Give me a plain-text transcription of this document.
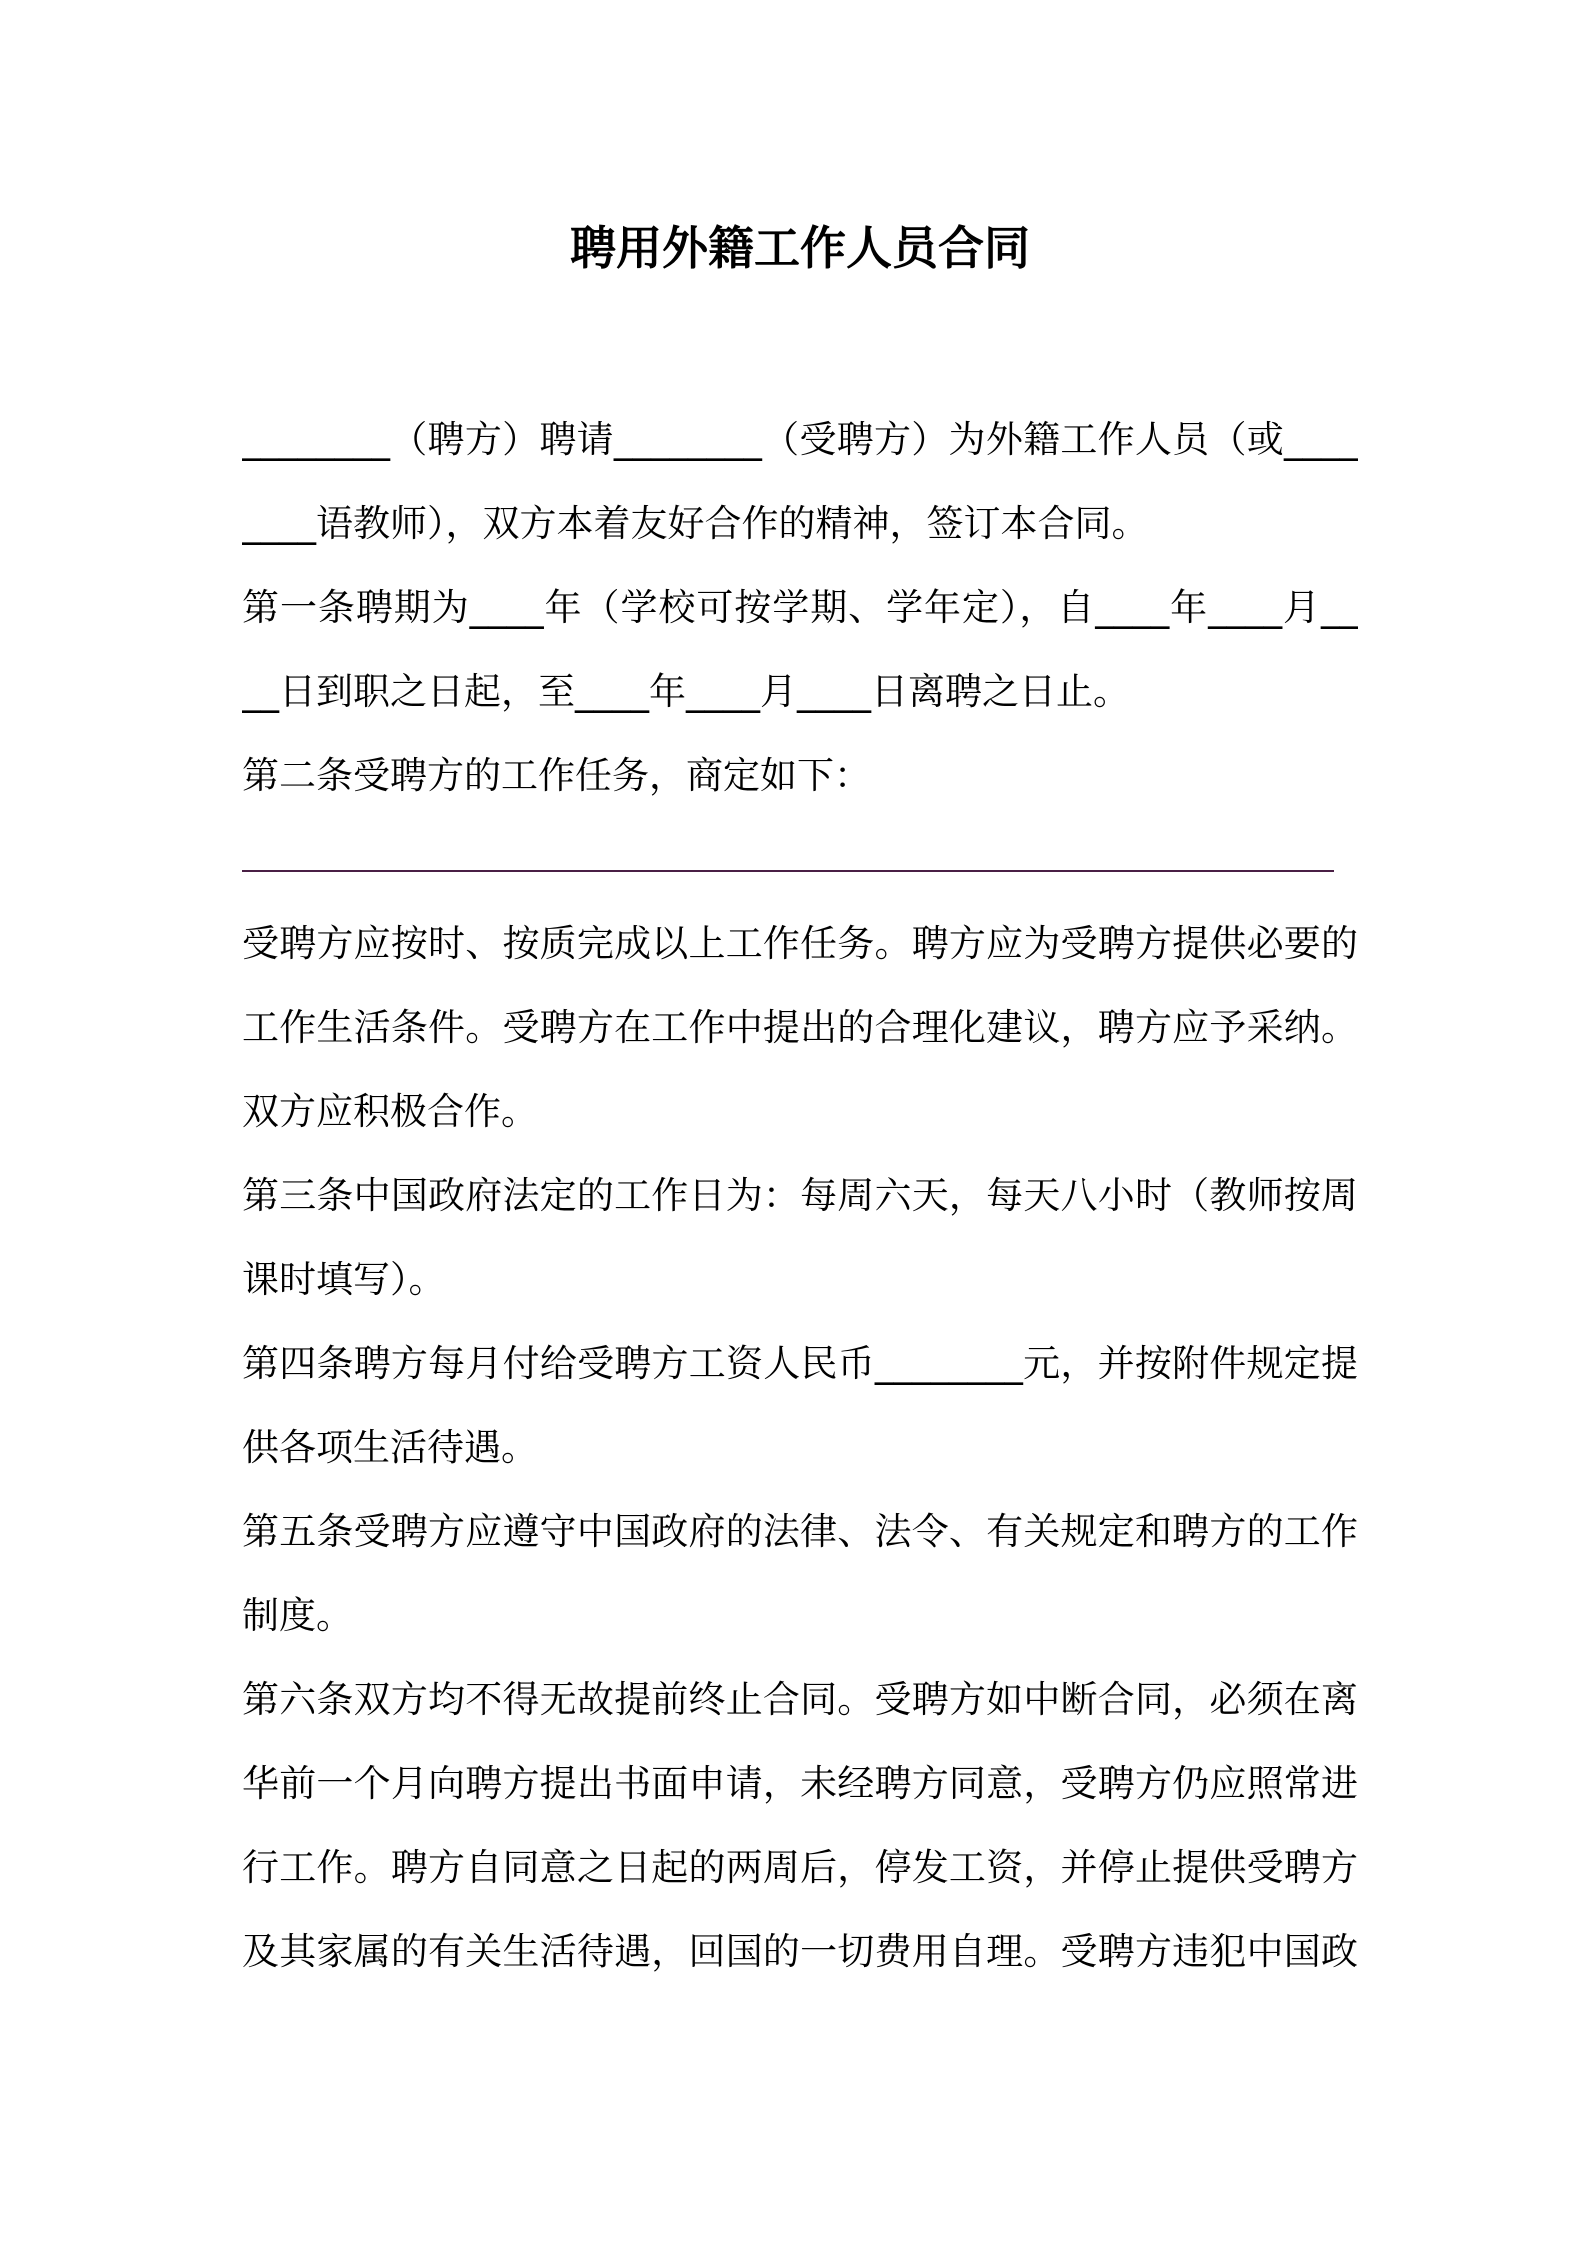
聘用外籍工作人员合同
________（聘方）聘请________（受聘方）为外籍工作人员（或____
____语教师），双方本着友好合作的精神，签订本合同。
第一条聘期为____年（学校可按学期、学年定），自____年____月__
__日到职之日起，至____年____月____日离聘之日止。
第二条受聘方的工作任务，商定如下：
受聘方应按时、按质完成以上工作任务。聘方应为受聘方提供必要的
工作生活条件。受聘方在工作中提出的合理化建议，聘方应予采纳。
双方应积极合作。
第三条中国政府法定的工作日为：每周六天，每天八小时（教师按周
课时填写）。
第四条聘方每月付给受聘方工资人民币________元，并按附件规定提
供各项生活待遇。
第五条受聘方应遵守中国政府的法律、法令、有关规定和聘方的工作
制度。
第六条双方均不得无故提前终止合同。受聘方如中断合同，必须在离
华前一个月向聘方提出书面申请，未经聘方同意，受聘方仍应照常进
行工作。聘方自同意之日起的两周后，停发工资，并停止提供受聘方
及其家属的有关生活待遇，回国的一切费用自理。受聘方违犯中国政
